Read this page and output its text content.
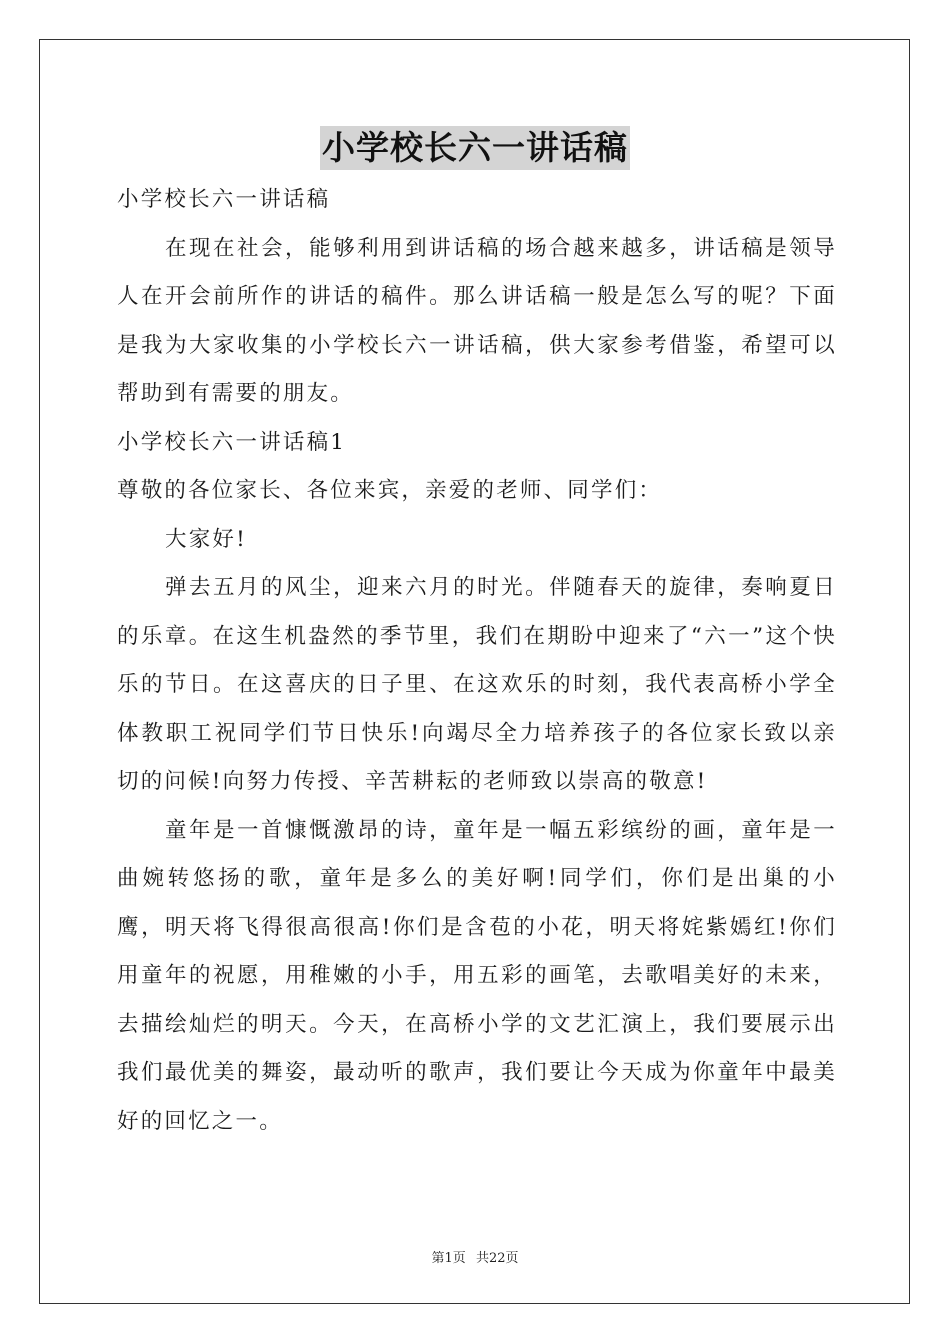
小学校长六一讲话稿

小学校长六一讲话稿

在现在社会，能够利用到讲话稿的场合越来越多，讲话稿是领导人在开会前所作的讲话的稿件。那么讲话稿一般是怎么写的呢？下面是我为大家收集的小学校长六一讲话稿，供大家参考借鉴，希望可以帮助到有需要的朋友。

小学校长六一讲话稿1

尊敬的各位家长、各位来宾，亲爱的老师、同学们：

大家好!

弹去五月的风尘，迎来六月的时光。伴随春天的旋律，奏响夏日的乐章。在这生机盎然的季节里，我们在期盼中迎来了“六一”这个快乐的节日。在这喜庆的日子里、在这欢乐的时刻，我代表高桥小学全体教职工祝同学们节日快乐!向竭尽全力培养孩子的各位家长致以亲切的问候!向努力传授、辛苦耕耘的老师致以崇高的敬意!

童年是一首慷慨激昂的诗，童年是一幅五彩缤纷的画，童年是一曲婉转悠扬的歌，童年是多么的美好啊!同学们，你们是出巢的小鹰，明天将飞得很高很高!你们是含苞的小花，明天将姹紫嫣红!你们用童年的祝愿，用稚嫩的小手，用五彩的画笔，去歌唱美好的未来，去描绘灿烂的明天。今天，在高桥小学的文艺汇演上，我们要展示出我们最优美的舞姿，最动听的歌声，我们要让今天成为你童年中最美好的回忆之一。

第1页 共22页
